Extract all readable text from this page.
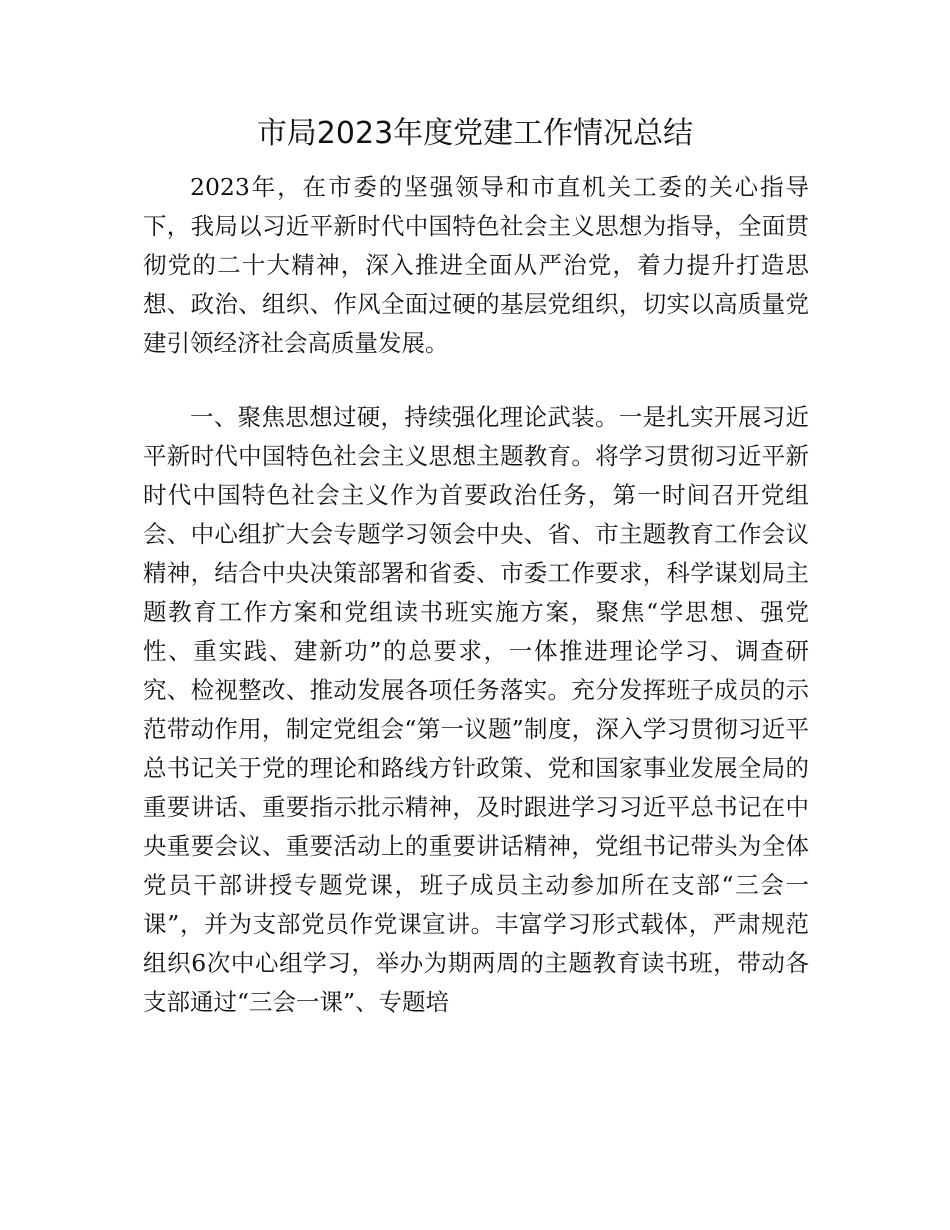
市局2023年度党建工作情况总结

2023年，在市委的坚强领导和市直机关工委的关心指导下，我局以习近平新时代中国特色社会主义思想为指导，全面贯彻党的二十大精神，深入推进全面从严治党，着力提升打造思想、政治、组织、作风全面过硬的基层党组织，切实以高质量党建引领经济社会高质量发展。

一、聚焦思想过硬，持续强化理论武装。一是扎实开展习近平新时代中国特色社会主义思想主题教育。将学习贯彻习近平新时代中国特色社会主义作为首要政治任务，第一时间召开党组会、中心组扩大会专题学习领会中央、省、市主题教育工作会议精神，结合中央决策部署和省委、市委工作要求，科学谋划局主题教育工作方案和党组读书班实施方案，聚焦“学思想、强党性、重实践、建新功”的总要求，一体推进理论学习、调查研究、检视整改、推动发展各项任务落实。充分发挥班子成员的示范带动作用，制定党组会“第一议题”制度，深入学习贯彻习近平总书记关于党的理论和路线方针政策、党和国家事业发展全局的重要讲话、重要指示批示精神，及时跟进学习习近平总书记在中央重要会议、重要活动上的重要讲话精神，党组书记带头为全体党员干部讲授专题党课，班子成员主动参加所在支部“三会一课”，并为支部党员作党课宣讲。丰富学习形式载体，严肃规范组织6次中心组学习，举办为期两周的主题教育读书班，带动各支部通过“三会一课”、专题培
